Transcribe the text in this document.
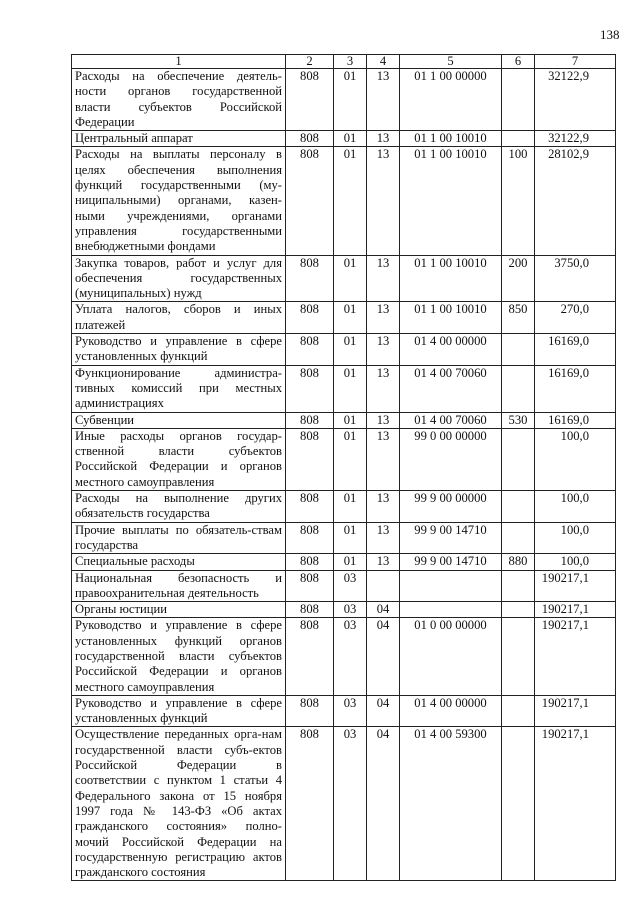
138
1	2	3	4	5	6	7
Расходы на обеспечение деятель-ности органов государственной власти субъектов Российской Федерации	808	01	13	01 1 00 00000		32122,9
Центральный аппарат	808	01	13	01 1 00 10010		32122,9
Расходы на выплаты персоналу в целях обеспечения выполнения функций государственными (му-ниципальными) органами, казен-ными учреждениями, органами управления государственными внебюджетными фондами	808	01	13	01 1 00 10010	100	28102,9
Закупка товаров, работ и услуг для обеспечения государственных (муниципальных) нужд	808	01	13	01 1 00 10010	200	3750,0
Уплата налогов, сборов и иных платежей	808	01	13	01 1 00 10010	850	270,0
Руководство и управление в сфере установленных функций	808	01	13	01 4 00 00000		16169,0
Функционирование администра-тивных комиссий при местных администрациях	808	01	13	01 4 00 70060		16169,0
Субвенции	808	01	13	01 4 00 70060	530	16169,0
Иные расходы органов государ-ственной власти субъектов Российской Федерации и органов местного самоуправления	808	01	13	99 0 00 00000		100,0
Расходы на выполнение других обязательств государства	808	01	13	99 9 00 00000		100,0
Прочие выплаты по обязатель-ствам государства	808	01	13	99 9 00 14710		100,0
Специальные расходы	808	01	13	99 9 00 14710	880	100,0
Национальная безопасность и правоохранительная деятельность	808	03				190217,1
Органы юстиции	808	03	04			190217,1
Руководство и управление в сфере установленных функций органов государственной власти субъектов Российской Федерации и органов местного самоуправления	808	03	04	01 0 00 00000		190217,1
Руководство и управление в сфере установленных функций	808	03	04	01 4 00 00000		190217,1
Осуществление переданных орга-нам государственной власти субъ-ектов Российской Федерации в соответствии с пунктом 1 статьи 4 Федерального закона от 15 ноября 1997 года № 143-ФЗ «Об актах гражданского состояния» полно-мочий Российской Федерации на государственную регистрацию актов гражданского состояния	808	03	04	01 4 00 59300		190217,1
